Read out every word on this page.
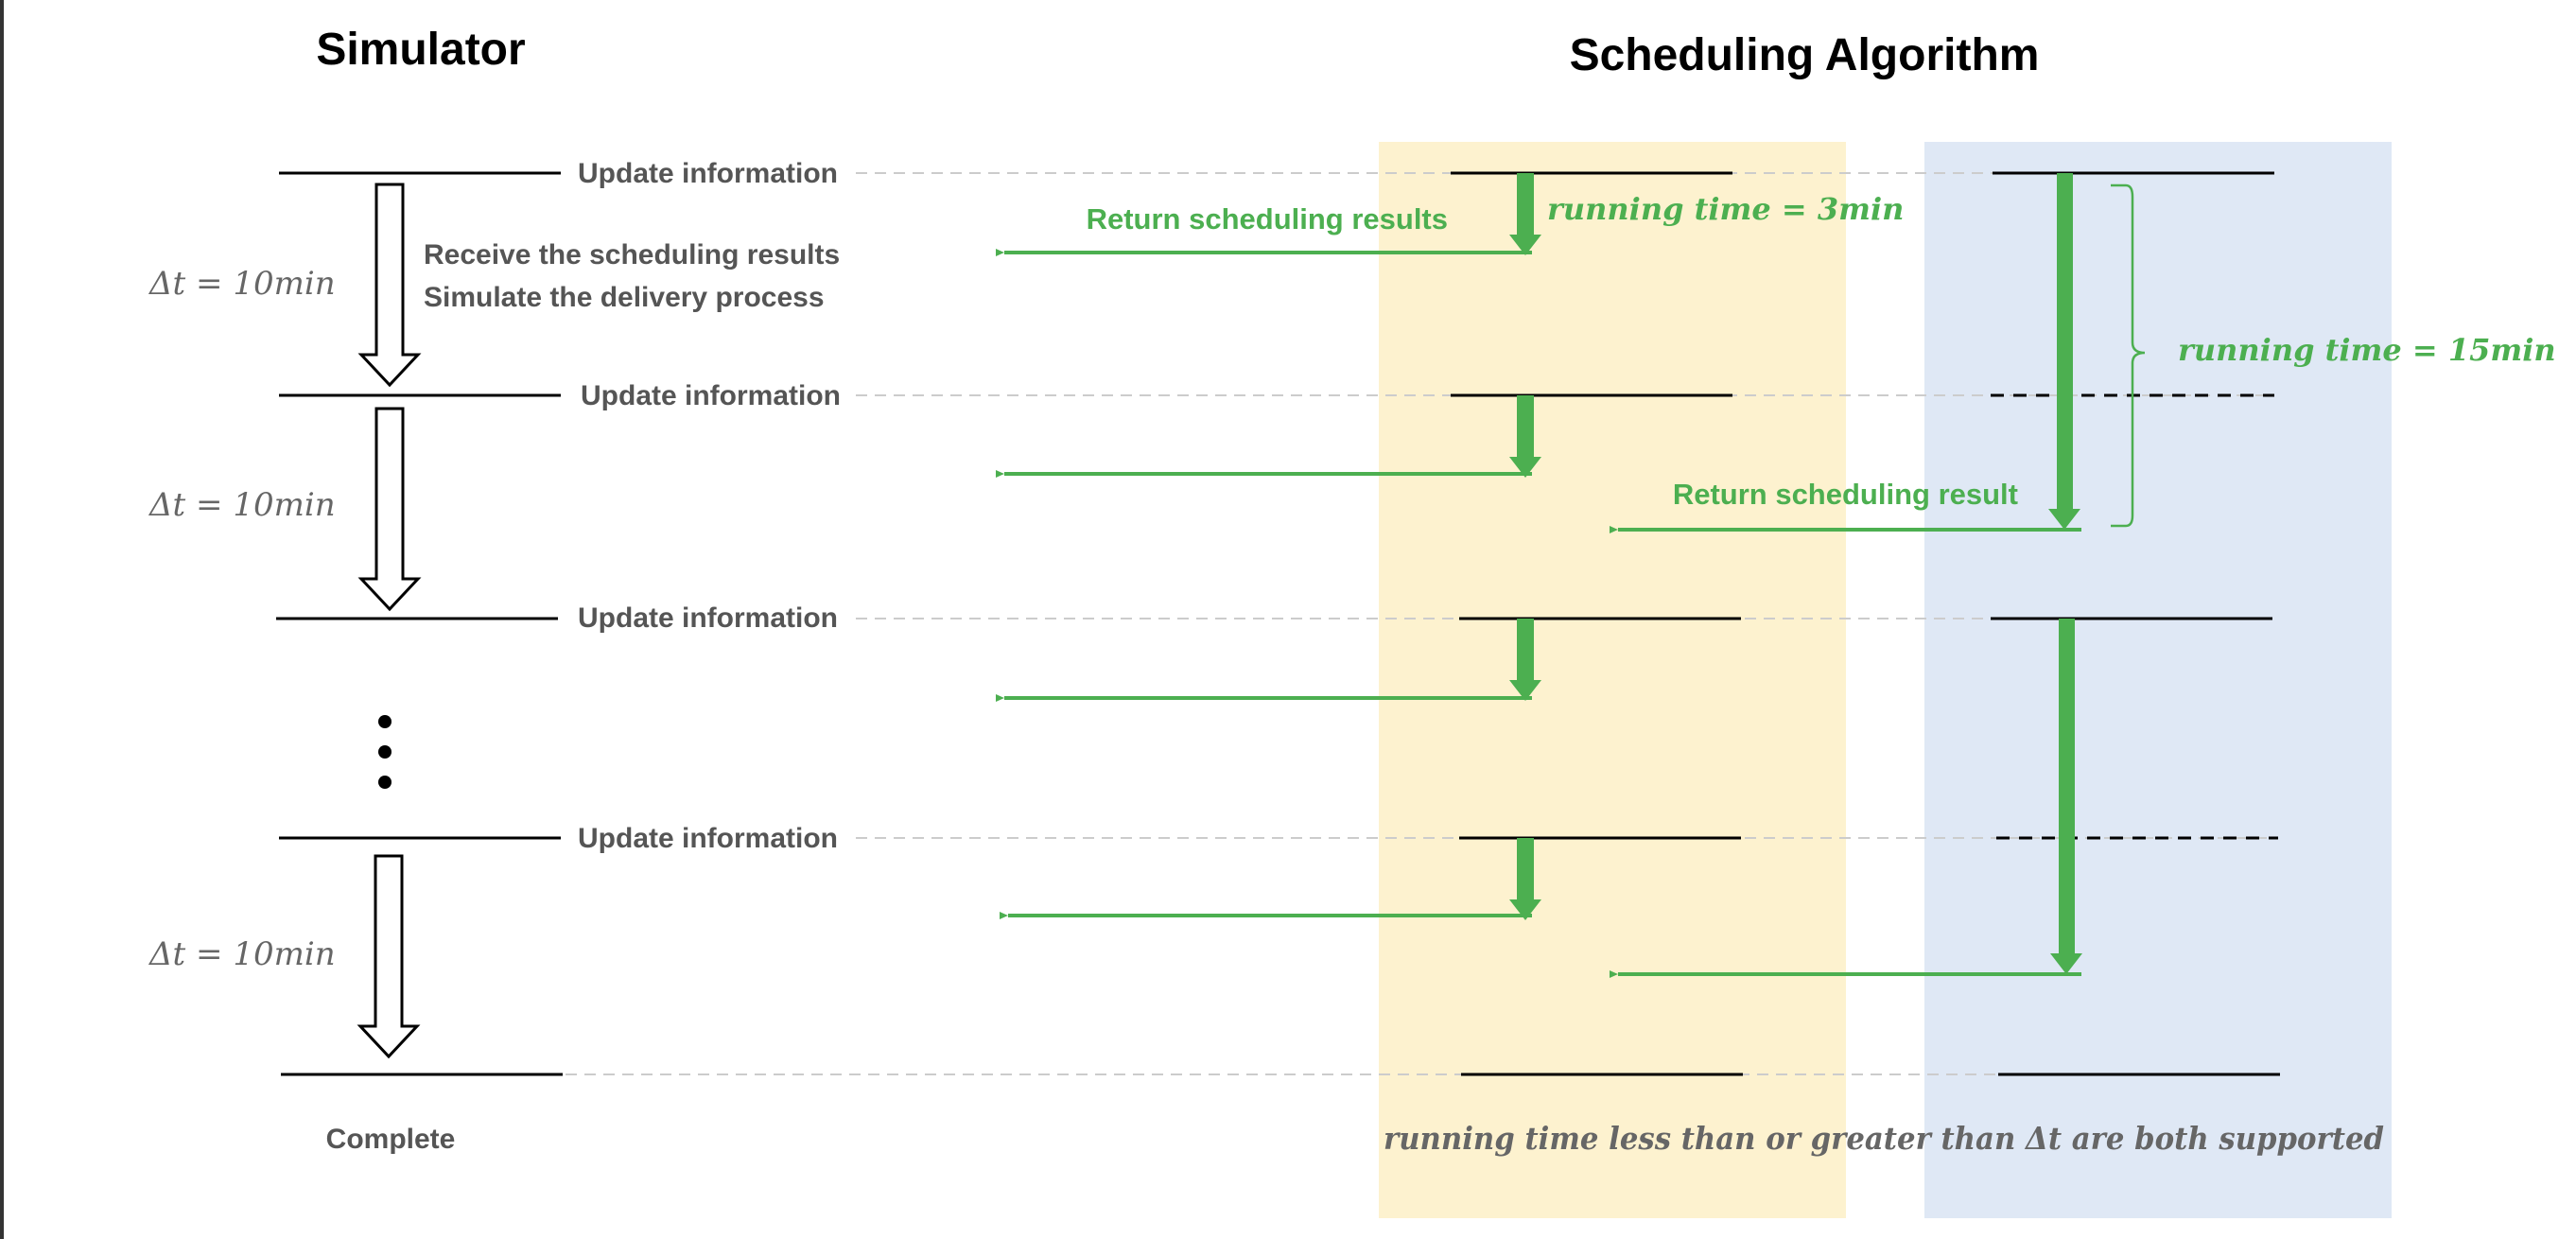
Simulator	Scheduling Algorithm
Update information
Update information
Update information
Update information
Receive the scheduling results
Simulate the delivery process
Δt = 10min
Δt = 10min
Δt = 10min
Complete
Return scheduling results
Return scheduling result
running time = 3min
running time = 15min
running time less than or greater than Δt are both supported
